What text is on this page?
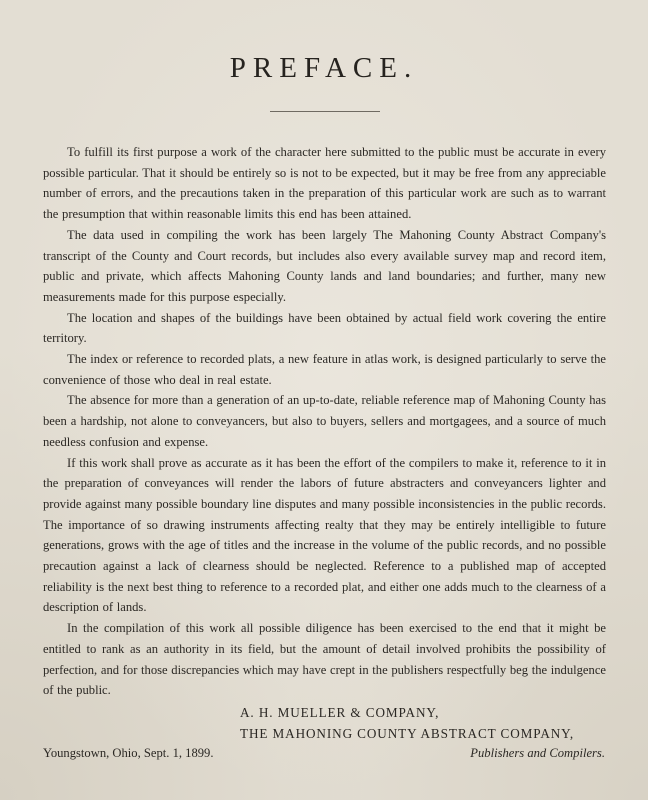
PREFACE.

To fulfill its first purpose a work of the character here submitted to the public must be accurate in every possible particular. That it should be entirely so is not to be expected, but it may be free from any appreciable number of errors, and the precautions taken in the preparation of this particular work are such as to warrant the presumption that within reasonable limits this end has been attained.

The data used in compiling the work has been largely The Mahoning County Abstract Company's transcript of the County and Court records, but includes also every available survey map and record item, public and private, which affects Mahoning County lands and land boundaries; and further, many new measurements made for this purpose especially.

The location and shapes of the buildings have been obtained by actual field work covering the entire territory.

The index or reference to recorded plats, a new feature in atlas work, is designed particularly to serve the convenience of those who deal in real estate.

The absence for more than a generation of an up-to-date, reliable reference map of Mahoning County has been a hardship, not alone to conveyancers, but also to buyers, sellers and mortgagees, and a source of much needless confusion and expense.

If this work shall prove as accurate as it has been the effort of the compilers to make it, reference to it in the preparation of conveyances will render the labors of future abstracters and conveyancers lighter and provide against many possible boundary line disputes and many possible inconsistencies in the public records. The importance of so drawing instruments affecting realty that they may be entirely intelligible to future generations, grows with the age of titles and the increase in the volume of the public records, and no possible precaution against a lack of clearness should be neglected. Reference to a published map of accepted reliability is the next best thing to reference to a recorded plat, and either one adds much to the clearness of a description of lands.

In the compilation of this work all possible diligence has been exercised to the end that it might be entitled to rank as an authority in its field, but the amount of detail involved prohibits the possibility of perfection, and for those discrepancies which may have crept in the publishers respectfully beg the indulgence of the public.

A. H. MUELLER & COMPANY,
THE MAHONING COUNTY ABSTRACT COMPANY,
Youngstown, Ohio, Sept. 1, 1899.	Publishers and Compilers.
